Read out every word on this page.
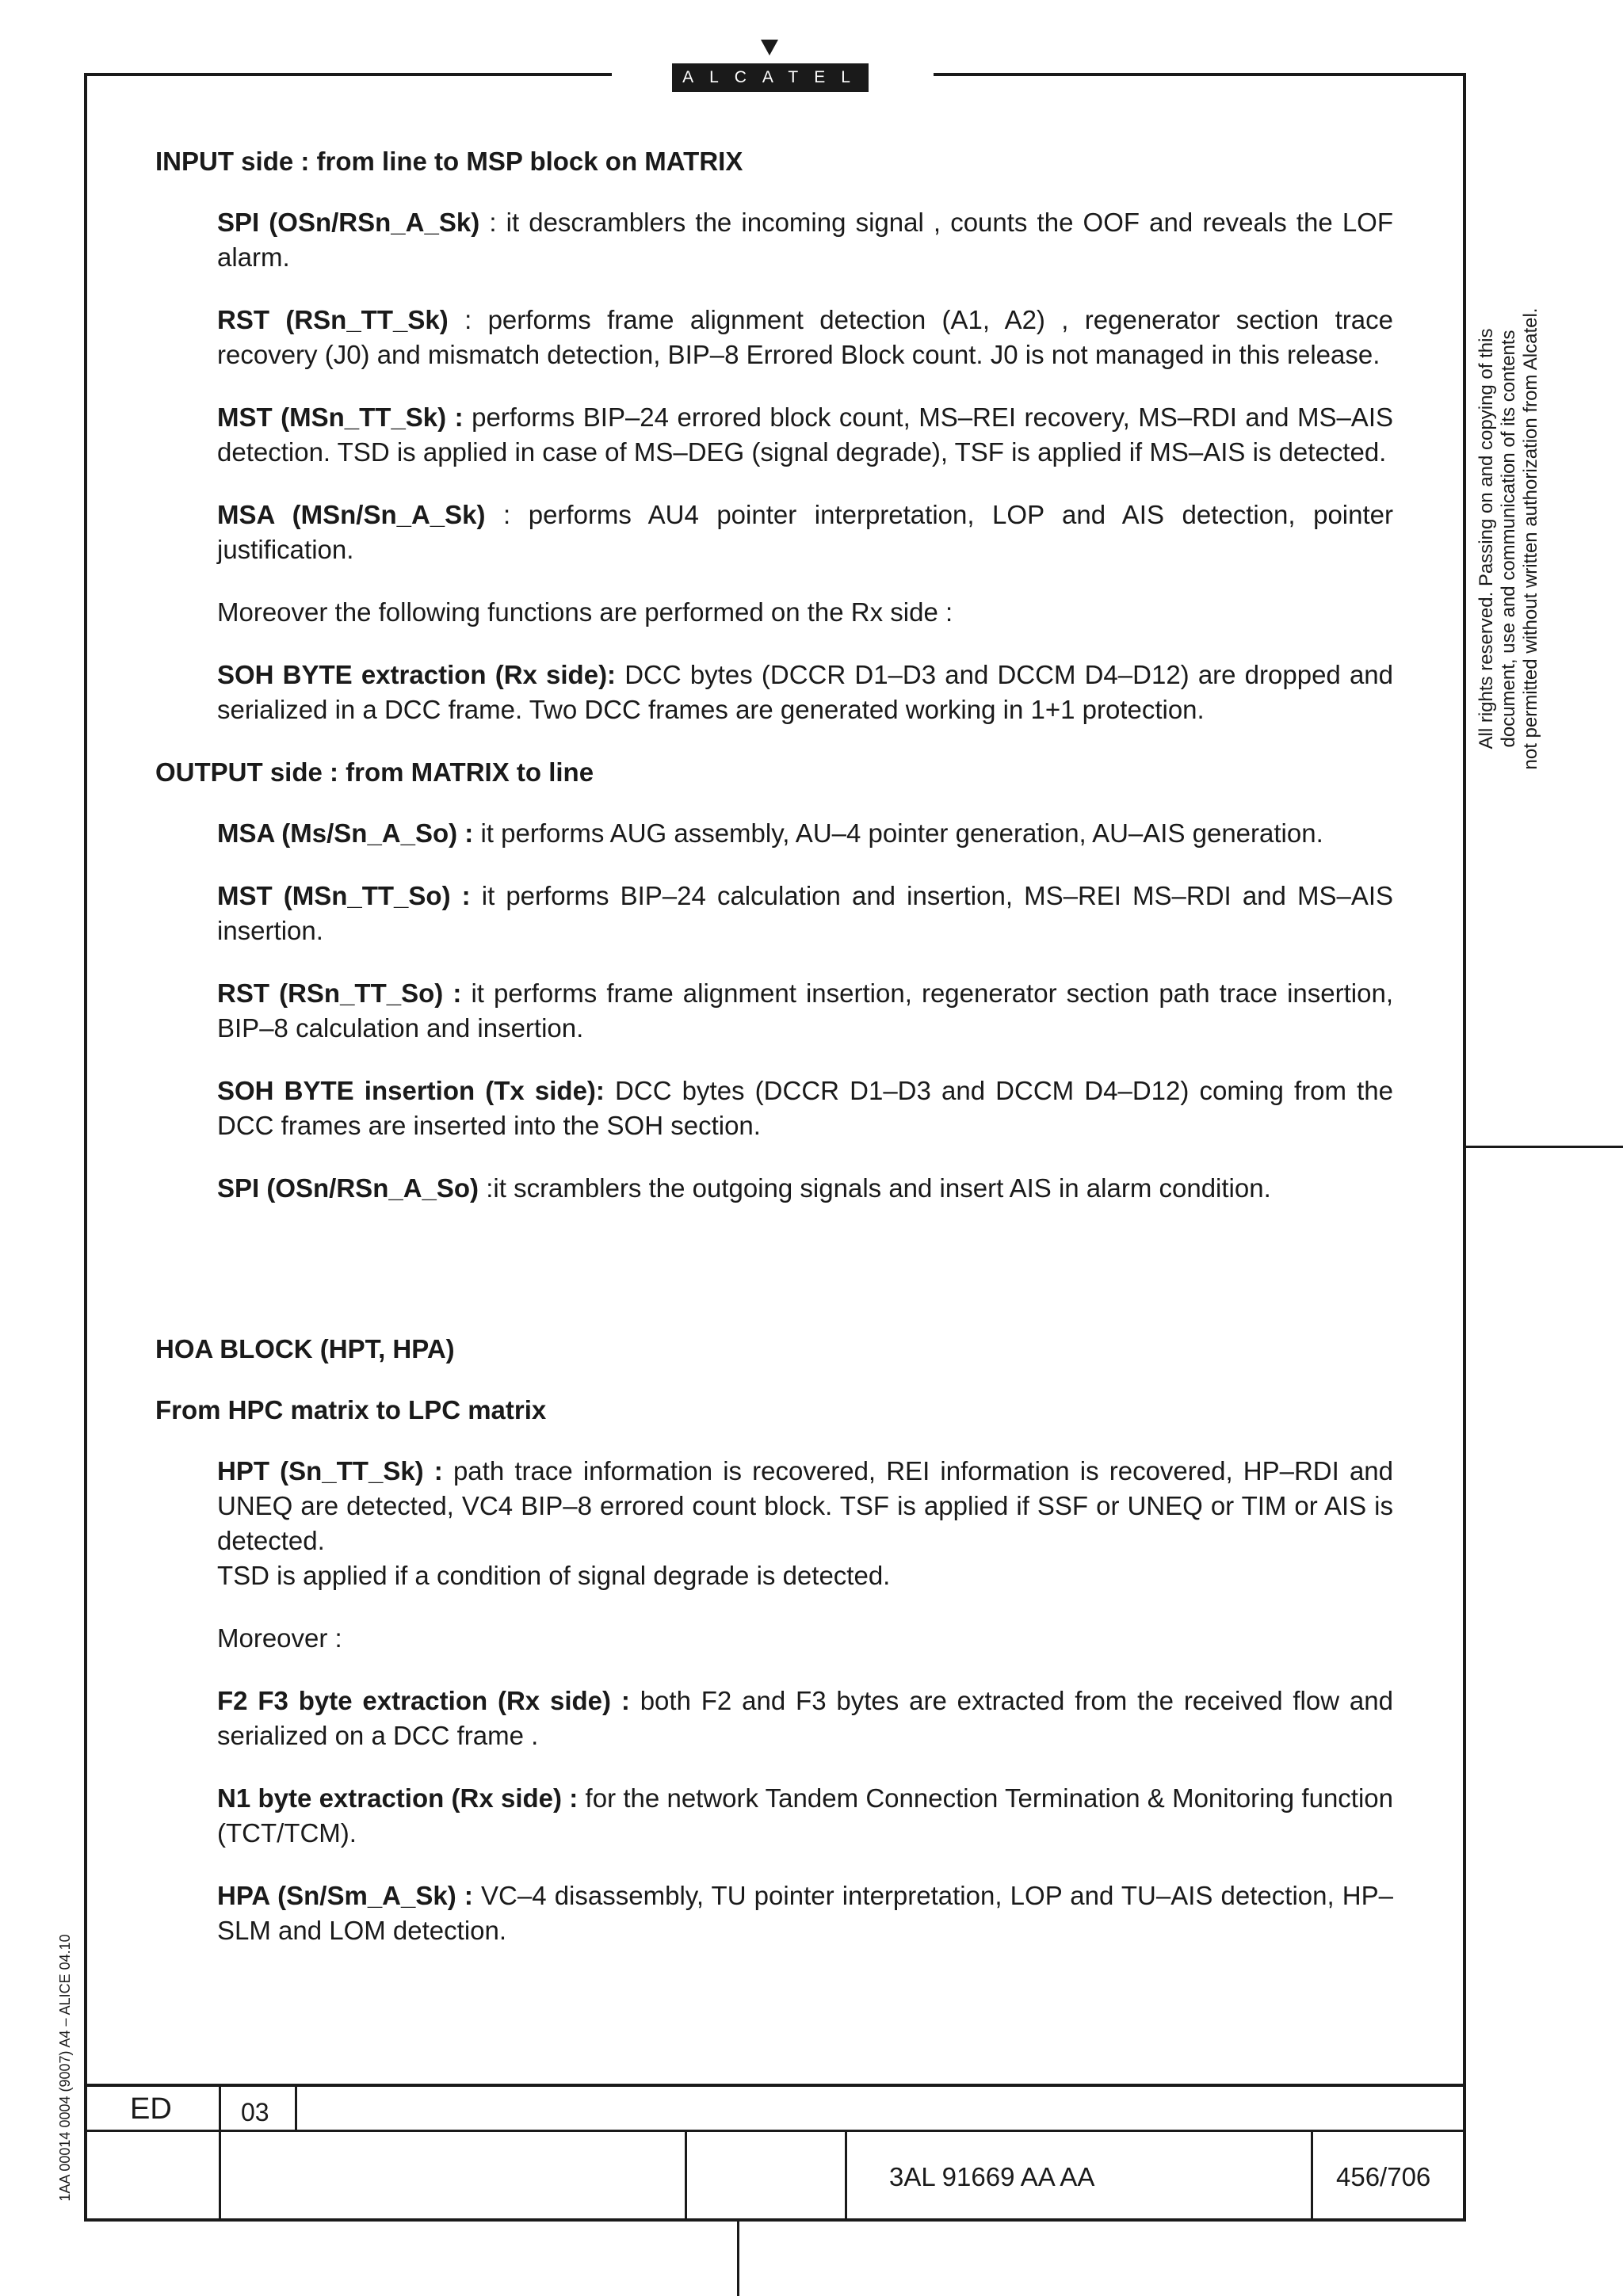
ALCATEL
INPUT side : from line to MSP block on MATRIX
SPI (OSn/RSn_A_Sk) : it descramblers the incoming signal , counts the OOF and reveals the LOF alarm.
RST (RSn_TT_Sk) : performs frame alignment detection (A1, A2) , regenerator section trace recovery (J0) and mismatch detection, BIP–8 Errored Block count. J0 is not managed in this release.
MST (MSn_TT_Sk) : performs BIP–24 errored block count, MS–REI recovery, MS–RDI and MS–AIS detection. TSD is applied in case of MS–DEG (signal degrade), TSF is applied if MS–AIS is detected.
MSA (MSn/Sn_A_Sk) : performs AU4 pointer interpretation, LOP and AIS detection, pointer justification.
Moreover the following functions are performed on the Rx side :
SOH BYTE extraction (Rx side): DCC bytes (DCCR D1–D3 and DCCM D4–D12) are dropped and serialized in a DCC frame. Two DCC frames are generated working in 1+1 protection.
OUTPUT side : from MATRIX to line
MSA (Ms/Sn_A_So) : it performs AUG assembly, AU–4 pointer generation, AU–AIS generation.
MST (MSn_TT_So) : it performs BIP–24 calculation and insertion, MS–REI MS–RDI and MS–AIS insertion.
RST (RSn_TT_So) : it performs frame alignment insertion, regenerator section path trace insertion, BIP–8 calculation and insertion.
SOH BYTE insertion (Tx side): DCC bytes (DCCR D1–D3 and DCCM D4–D12) coming from the DCC frames are inserted into the SOH section.
SPI (OSn/RSn_A_So) :it scramblers the outgoing signals and insert AIS in alarm condition.
HOA BLOCK (HPT, HPA)
From HPC matrix to LPC matrix
HPT (Sn_TT_Sk) : path trace information is recovered, REI information is recovered, HP–RDI and UNEQ are detected, VC4 BIP–8 errored count block. TSF is applied if SSF or UNEQ or TIM or AIS is detected.
TSD is applied if a condition of signal degrade is detected.
Moreover :
F2 F3 byte extraction (Rx side) : both F2 and F3 bytes are extracted from the received flow and serialized on a DCC frame .
N1 byte extraction (Rx side) : for the network Tandem Connection Termination & Monitoring function (TCT/TCM).
HPA (Sn/Sm_A_Sk) : VC–4 disassembly, TU pointer interpretation, LOP and TU–AIS detection, HP–SLM and LOM detection.
All rights reserved. Passing on and copying of this document, use and communication of its contents not permitted without written authorization from Alcatel.
1AA 00014 0004 (9007) A4 – ALICE 04.10 ED	03
3AL 91669 AA AA	456/706
